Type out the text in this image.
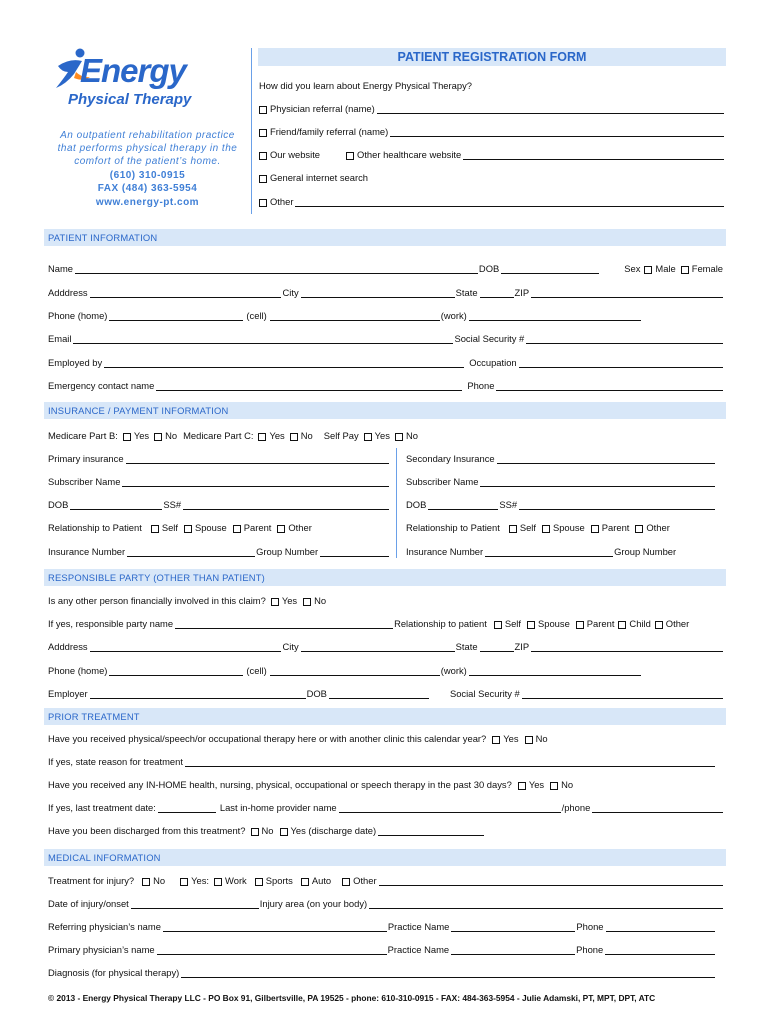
Energy
Physical Therapy
An outpatient rehabilitation practice
that performs physical therapy in the
comfort of the patient’s home.
(610) 310-0915
FAX (484) 363-5954
www.energy-pt.com
PATIENT REGISTRATION FORM
How did you learn about Energy Physical Therapy?
Physician referral (name)
Friend/family referral (name)
Our website	Other healthcare website
General internet search
Other
PATIENT INFORMATION
Name	DOB	Sex Male Female
Adddress	City	State	ZIP
Phone (home)	(cell)	(work)
Email	Social Security #
Employed by	Occupation
Emergency contact name	Phone
INSURANCE / PAYMENT INFORMATION
Medicare Part B: Yes No Medicare Part C: Yes No Self Pay Yes No
Primary insurance	Secondary Insurance
Subscriber Name	Subscriber Name
DOB	SS#	DOB	SS#
Relationship to Patient Self Spouse Parent Other	Relationship to Patient Self Spouse Parent Other
Insurance Number	Group Number	Insurance Number	Group Number
RESPONSIBLE PARTY (OTHER THAN PATIENT)
Is any other person financially involved in this claim? Yes No
If yes, responsible party name	Relationship to patient Self Spouse Parent Child Other
Adddress	City	State	ZIP
Phone (home)	(cell)	(work)
Employer	DOB	Social Security #
PRIOR TREATMENT
Have you received physical/speech/or occupational therapy here or with another clinic this calendar year? Yes No
If yes, state reason for treatment
Have you received any IN-HOME health, nursing, physical, occupational or speech therapy in the past 30 days? Yes No
If yes, last treatment date:	Last in-home provider name	/phone
Have you been discharged from this treatment? No Yes (discharge date)
MEDICAL INFORMATION
Treatment for injury? No	Yes: Work Sports Auto Other
Date of injury/onset	Injury area (on your body)
Referring physician’s name	Practice Name	Phone
Primary physician’s name	Practice Name	Phone
Diagnosis (for physical therapy)
© 2013 - Energy Physical Therapy LLC - PO Box 91, Gilbertsville, PA 19525 - phone: 610-310-0915 - FAX: 484-363-5954 - Julie Adamski, PT, MPT, DPT, ATC
